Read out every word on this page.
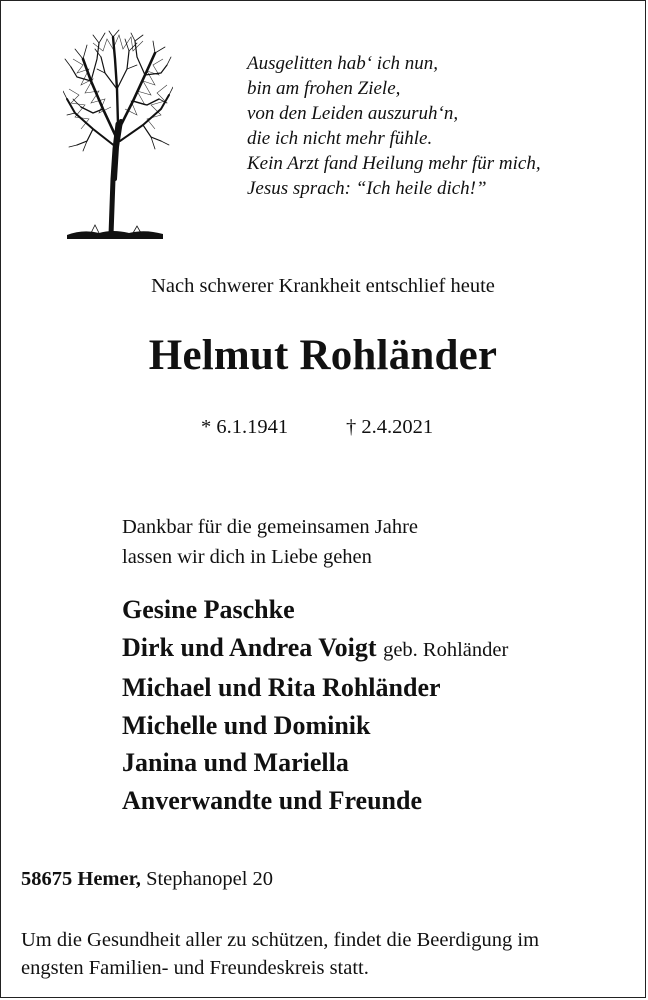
Ausgelitten hab‘ ich nun,
bin am frohen Ziele,
von den Leiden auszuruh‘n,
die ich nicht mehr fühle.
Kein Arzt fand Heilung mehr für mich,
Jesus sprach: “Ich heile dich!”
Nach schwerer Krankheit entschlief heute
Helmut Rohländer
* 6.1.1941	† 2.4.2021
Dankbar für die gemeinsamen Jahre
lassen wir dich in Liebe gehen
Gesine Paschke
Dirk und Andrea Voigt geb. Rohländer
Michael und Rita Rohländer
Michelle und Dominik
Janina und Mariella
Anverwandte und Freunde
58675 Hemer, Stephanopel 20
Um die Gesundheit aller zu schützen, findet die Beerdigung im
engsten Familien- und Freundeskreis statt.
